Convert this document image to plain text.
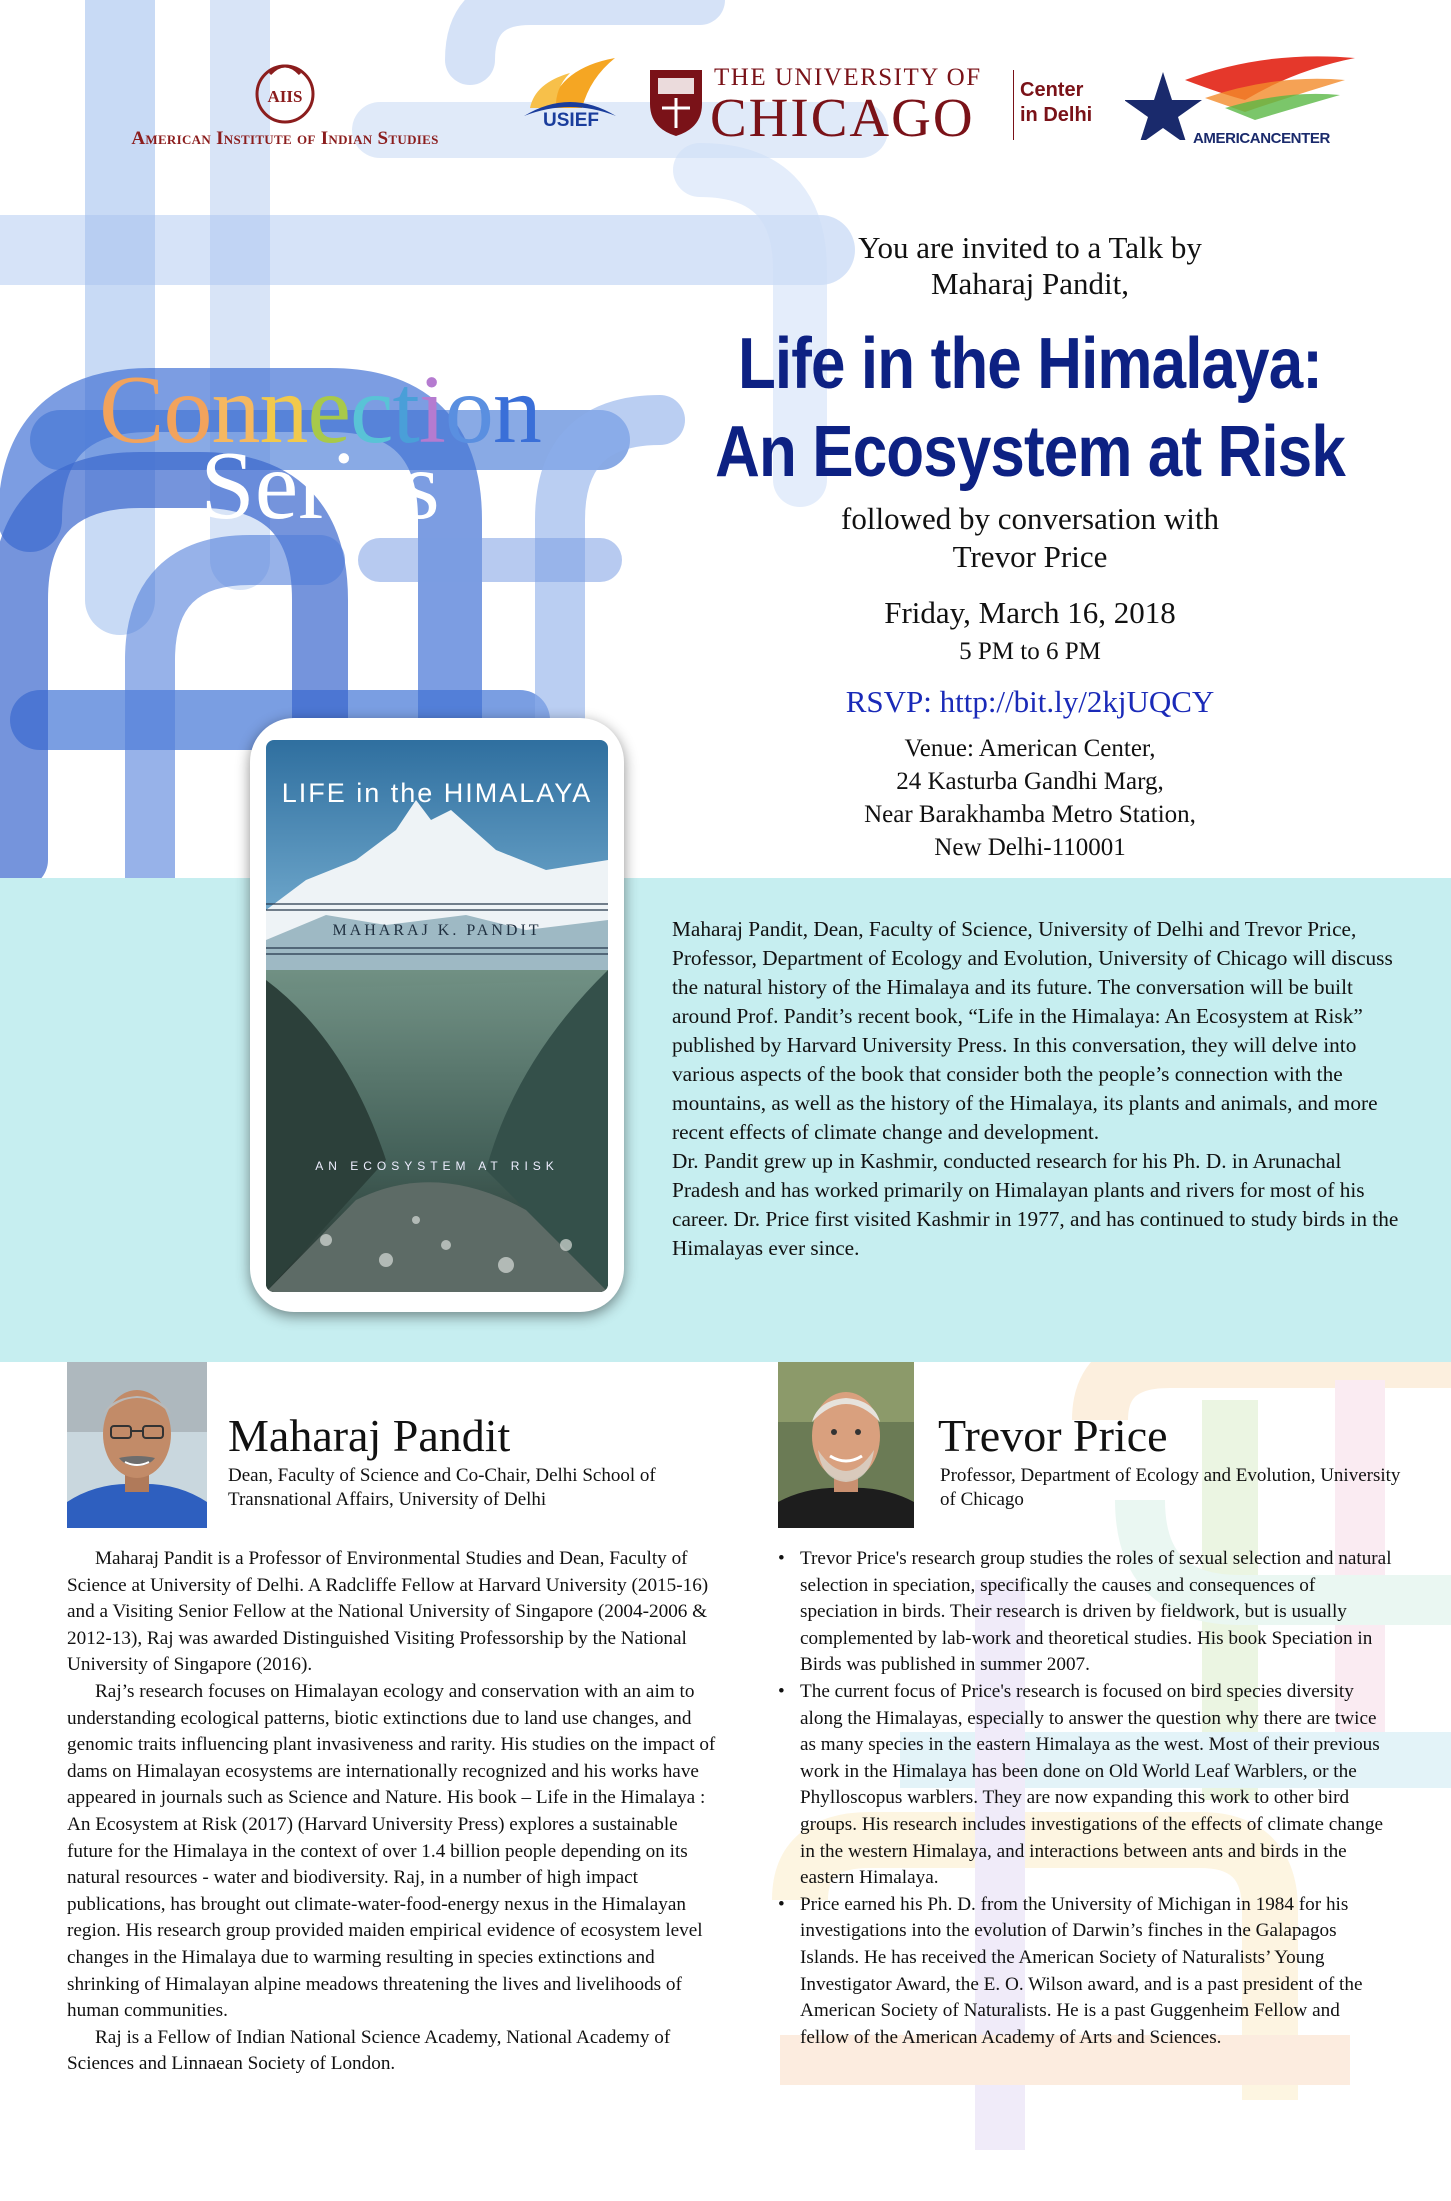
AIIS
American Institute of Indian Studies
USIEF
THE UNIVERSITY OF
CHICAGO Center
in Delhi
AMERICANCENTER
Connection
Series
You are invited to a Talk by
Maharaj Pandit,
Life in the Himalaya:
An Ecosystem at Risk
followed by conversation with
Trevor Price
Friday, March 16, 2018
5 PM to 6 PM
RSVP: http://bit.ly/2kjUQCY
Venue: American Center,
24 Kasturba Gandhi Marg,
Near Barakhamba Metro Station,
New Delhi-110001
LIFE in the HIMALAYA
MAHARAJ K. PANDIT
AN ECOSYSTEM AT RISK

Maharaj Pandit, Dean, Faculty of Science, University of Delhi and Trevor Price, Professor, Department of Ecology and Evolution, University of Chicago will discuss the natural history of the Himalaya and its future. The conversation will be built around Prof. Pandit’s recent book, “Life in the Himalaya: An Ecosystem at Risk” published by Harvard University Press. In this conversation, they will delve into various aspects of the book that consider both the people’s connection with the mountains, as well as the history of the Himalaya, its plants and animals, and more recent effects of climate change and development.

Dr. Pandit grew up in Kashmir, conducted research for his Ph. D. in Arunachal Pradesh and has worked primarily on Himalayan plants and rivers for most of his career. Dr. Price first visited Kashmir in 1977, and has continued to study birds in the Himalayas ever since.

Maharaj Pandit
Dean, Faculty of Science and Co-Chair, Delhi School of Transnational Affairs, University of Delhi
Trevor Price
Professor, Department of Ecology and Evolution, University of Chicago

Maharaj Pandit is a Professor of Environmental Studies and Dean, Faculty of Science at University of Delhi. A Radcliffe Fellow at Harvard University (2015-16) and a Visiting Senior Fellow at the National University of Singapore (2004-2006 & 2012-13), Raj was awarded Distinguished Visiting Professorship by the National University of Singapore (2016).

Raj’s research focuses on Himalayan ecology and conservation with an aim to understanding ecological patterns, biotic extinctions due to land use changes, and genomic traits influencing plant invasiveness and rarity. His studies on the impact of dams on Himalayan ecosystems are internationally recognized and his works have appeared in journals such as Science and Nature. His book – Life in the Himalaya : An Ecosystem at Risk (2017) (Harvard University Press) explores a sustainable future for the Himalaya in the context of over 1.4 billion people depending on its natural resources - water and biodiversity. Raj, in a number of high impact publications, has brought out climate-water-food-energy nexus in the Himalayan region. His research group provided maiden empirical evidence of ecosystem level changes in the Himalaya due to warming resulting in species extinctions and shrinking of Himalayan alpine meadows threatening the lives and livelihoods of human communities.

Raj is a Fellow of Indian National Science Academy, National Academy of Sciences and Linnaean Society of London.

• Trevor Price's research group studies the roles of sexual selection and natural selection in speciation, specifically the causes and consequences of speciation in birds. Their research is driven by fieldwork, but is usually complemented by lab-work and theoretical studies. His book Speciation in Birds was published in summer 2007.
• The current focus of Price's research is focused on bird species diversity along the Himalayas, especially to answer the question why there are twice as many species in the eastern Himalaya as the west. Most of their previous work in the Himalaya has been done on Old World Leaf Warblers, or the Phylloscopus warblers. They are now expanding this work to other bird groups. His research includes investigations of the effects of climate change in the western Himalaya, and interactions between ants and birds in the eastern Himalaya.
• Price earned his Ph. D. from the University of Michigan in 1984 for his investigations into the evolution of Darwin’s finches in the Galapagos Islands. He has received the American Society of Naturalists’ Young Investigator Award, the E. O. Wilson award, and is a past president of the American Society of Naturalists. He is a past Guggenheim Fellow and fellow of the American Academy of Arts and Sciences.
